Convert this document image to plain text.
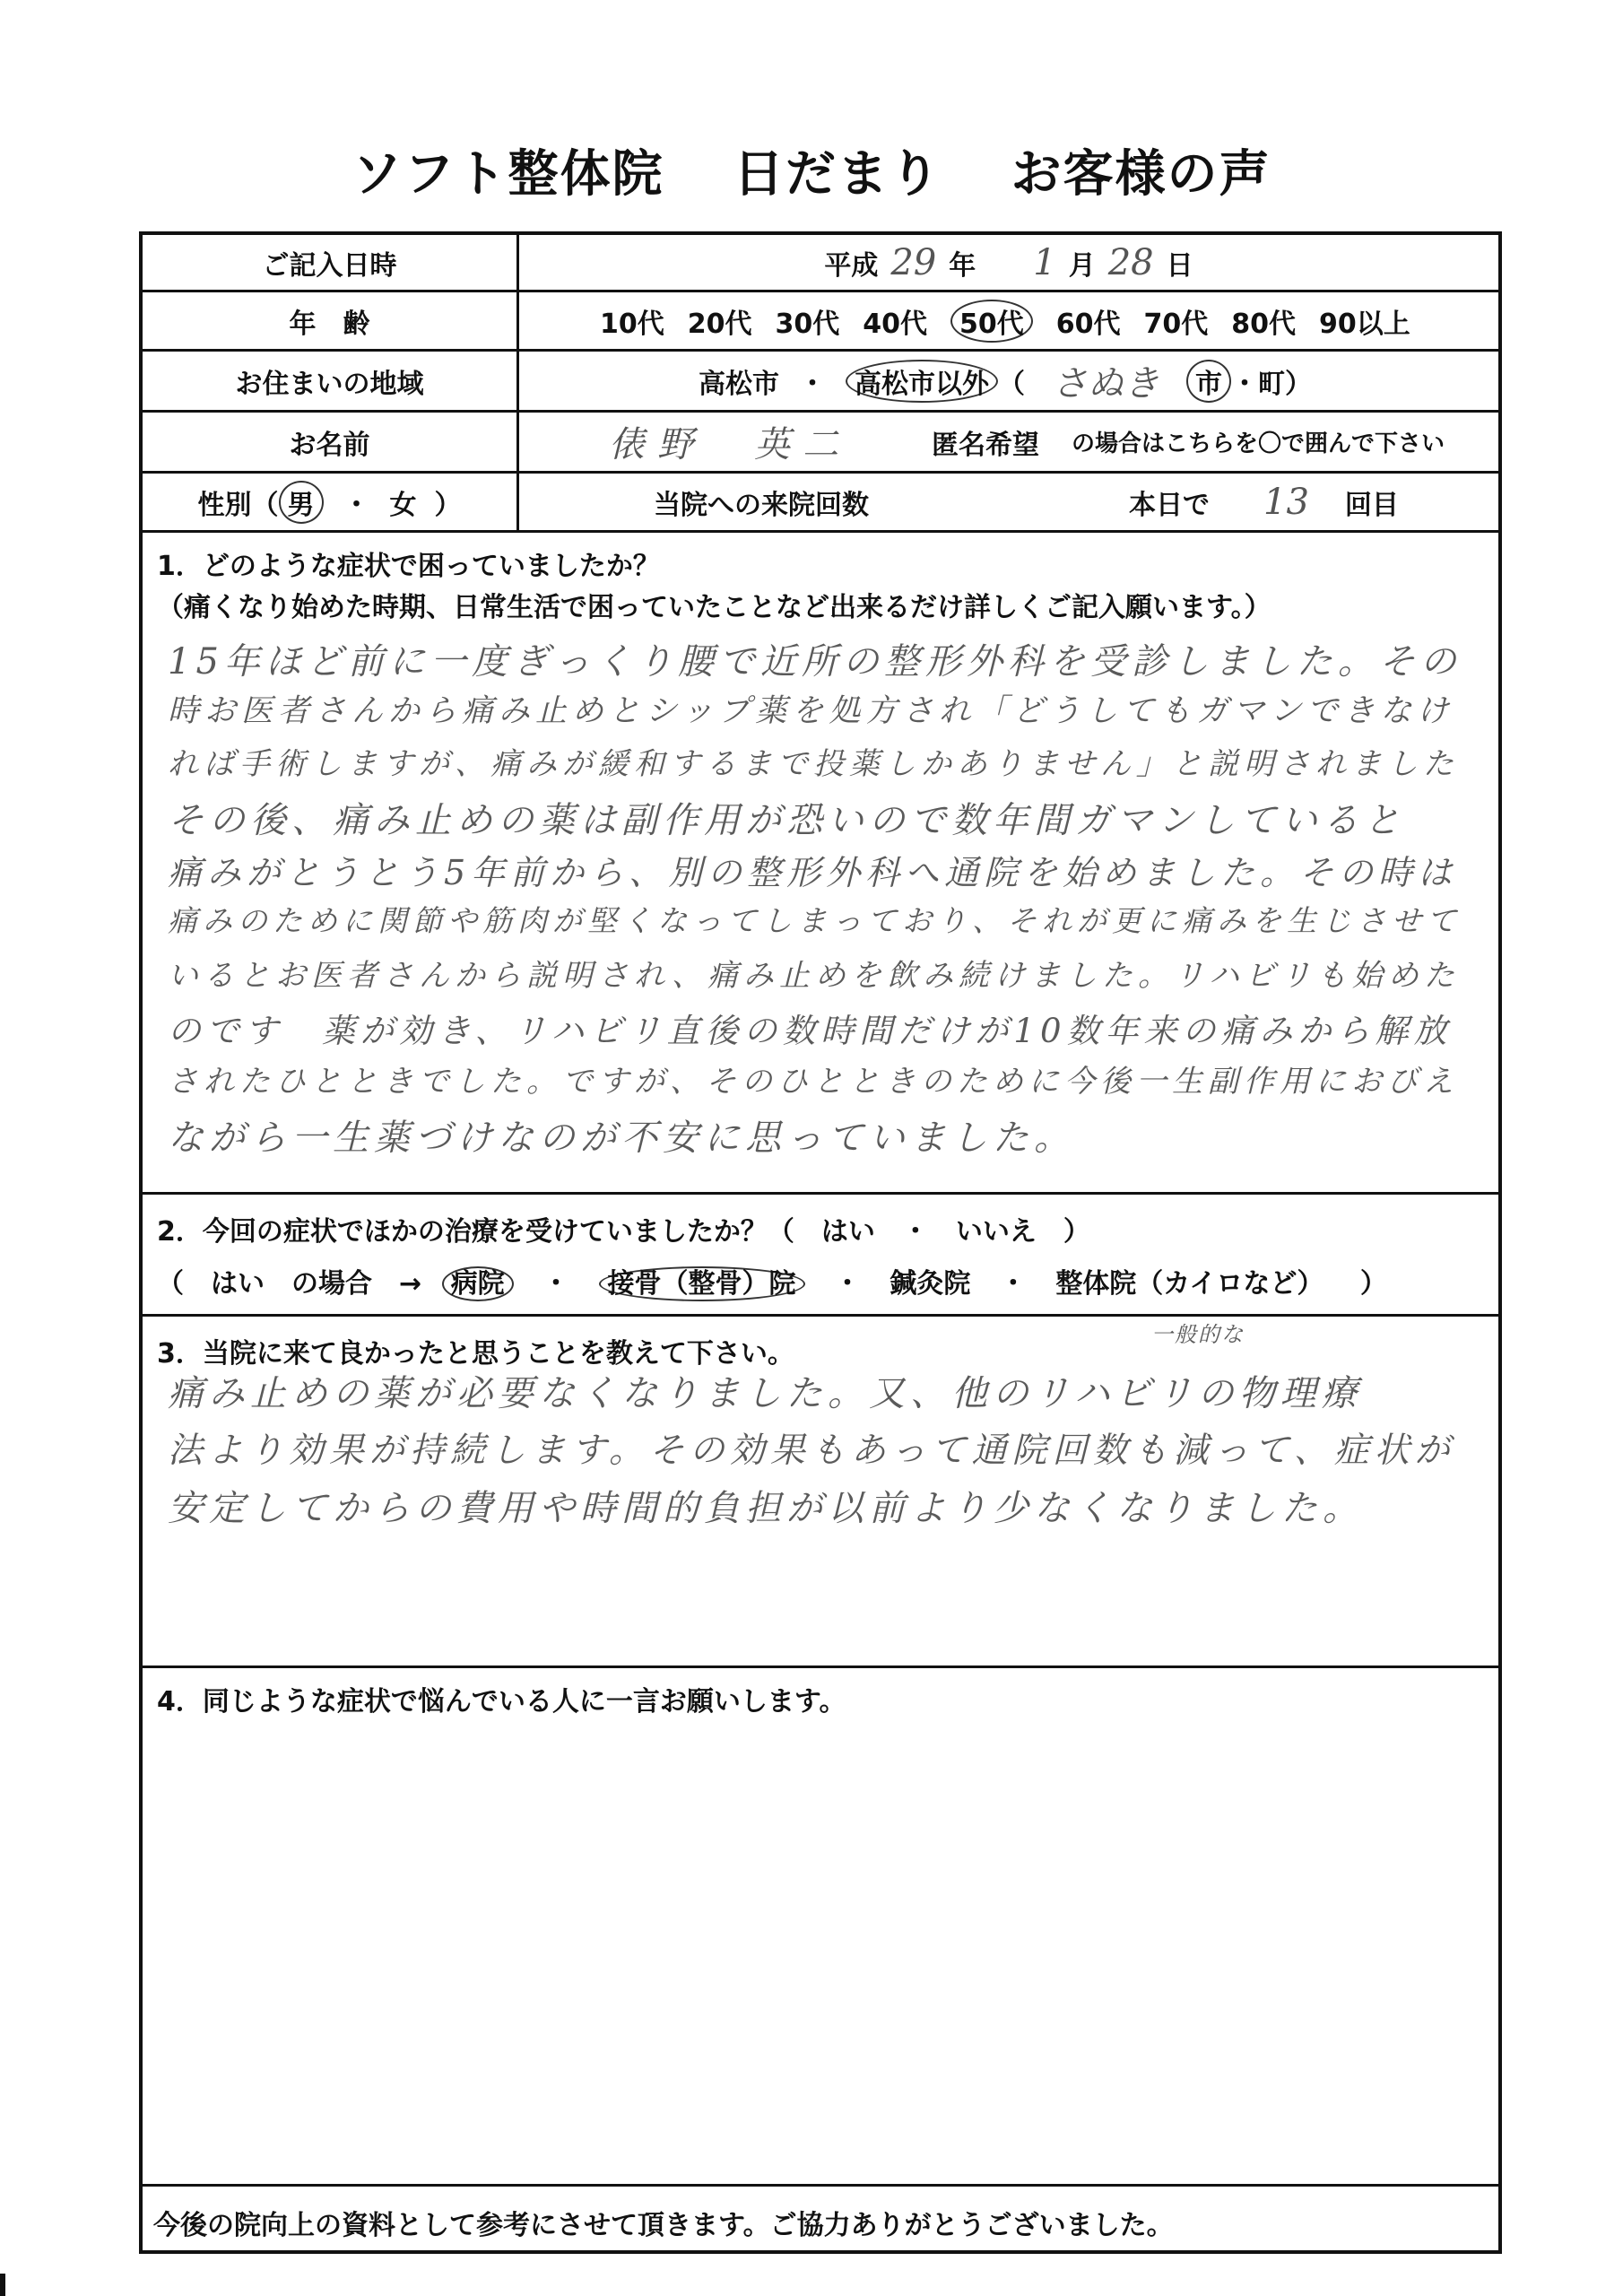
ソフト整体院 日だまり お客様の声
ご記入日時	平成 29 年 1 月 28 日
年　齢	10代 20代 30代 40代	50代	60代 70代 80代 90以上
お住まいの地域	高松市 ・	高松市以外 （ さぬき	市 ・町）
お名前	俵野　英二	匿名希望 の場合はこちらを〇で囲んで下さい
性別（ 男	・ 女 ）	当院への来院回数	本日で 13 回目
1．どのような症状で困っていましたか？
（痛くなり始めた時期、日常生活で困っていたことなど出来るだけ詳しくご記入願います。）
15年ほど前に一度ぎっくり腰で近所の整形外科を受診しました。その
時お医者さんから痛み止めとシップ薬を処方され「どうしてもガマンできなけ
れば手術しますが、痛みが緩和するまで投薬しかありません」と説明されました
その後、痛み止めの薬は副作用が恐いので数年間ガマンしていると
痛みがとうとう5年前から、別の整形外科へ通院を始めました。その時は
痛みのために関節や筋肉が堅くなってしまっており、それが更に痛みを生じさせて
いるとお医者さんから説明され、痛み止めを飲み続けました。リハビリも始めた
のです　薬が効き、リハビリ直後の数時間だけが10数年来の痛みから解放
されたひとときでした。ですが、そのひとときのために今後一生副作用におびえ
ながら一生薬づけなのが不安に思っていました。
2．今回の症状でほかの治療を受けていましたか？（　はい　・　いいえ　）
（　はい　の場合　→ 病院 ・ 接骨（整骨）院 ・ 鍼灸院 ・ 整体院（カイロなど） ）
3．当院に来て良かったと思うことを教えて下さい。
一般的な
痛み止めの薬が必要なくなりました。又、他のリハビリの物理療
法より効果が持続します。その効果もあって通院回数も減って、症状が
安定してからの費用や時間的負担が以前より少なくなりました。
4．同じような症状で悩んでいる人に一言お願いします。
今後の院向上の資料として参考にさせて頂きます。ご協力ありがとうございました。
